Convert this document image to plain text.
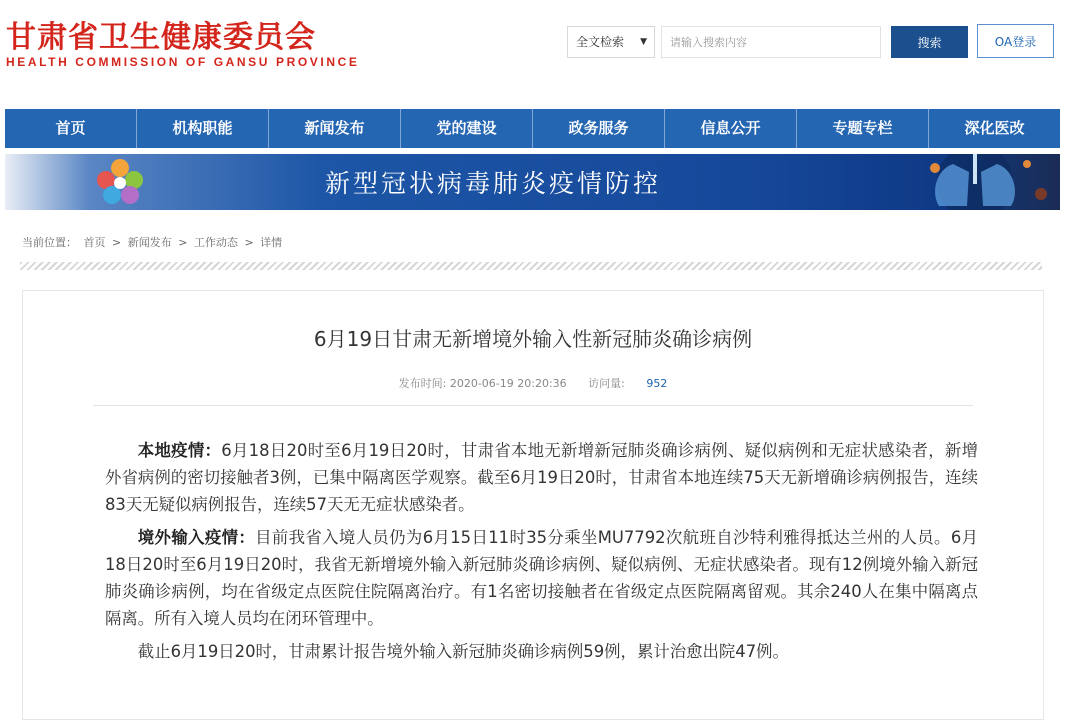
甘肃省卫生健康委员会
HEALTH COMMISSION OF GANSU PROVINCE
全文检索 ▼
请输入搜索内容	搜索	OA登录
首页	机构职能	新闻发布	党的建设	政务服务	信息公开	专题专栏	深化医改
新型冠状病毒肺炎疫情防控
当前位置： 首页 > 新闻发布 > 工作动态 > 详情
6月19日甘肃无新增境外输入性新冠肺炎确诊病例
发布时间: 2020-06-19 20:20:36 访问量: 952

本地疫情：6月18日20时至6月19日20时，甘肃省本地无新增新冠肺炎确诊病例、疑似病例和无症状感染者，新增外省病例的密切接触者3例，已集中隔离医学观察。截至6月19日20时，甘肃省本地连续75天无新增确诊病例报告，连续83天无疑似病例报告，连续57天无无症状感染者。

境外输入疫情：目前我省入境人员仍为6月15日11时35分乘坐MU7792次航班自沙特利雅得抵达兰州的人员。6月18日20时至6月19日20时，我省无新增境外输入新冠肺炎确诊病例、疑似病例、无症状感染者。现有12例境外输入新冠肺炎确诊病例，均在省级定点医院住院隔离治疗。有1名密切接触者在省级定点医院隔离留观。其余240人在集中隔离点隔离。所有入境人员均在闭环管理中。

截止6月19日20时，甘肃累计报告境外输入新冠肺炎确诊病例59例，累计治愈出院47例。
